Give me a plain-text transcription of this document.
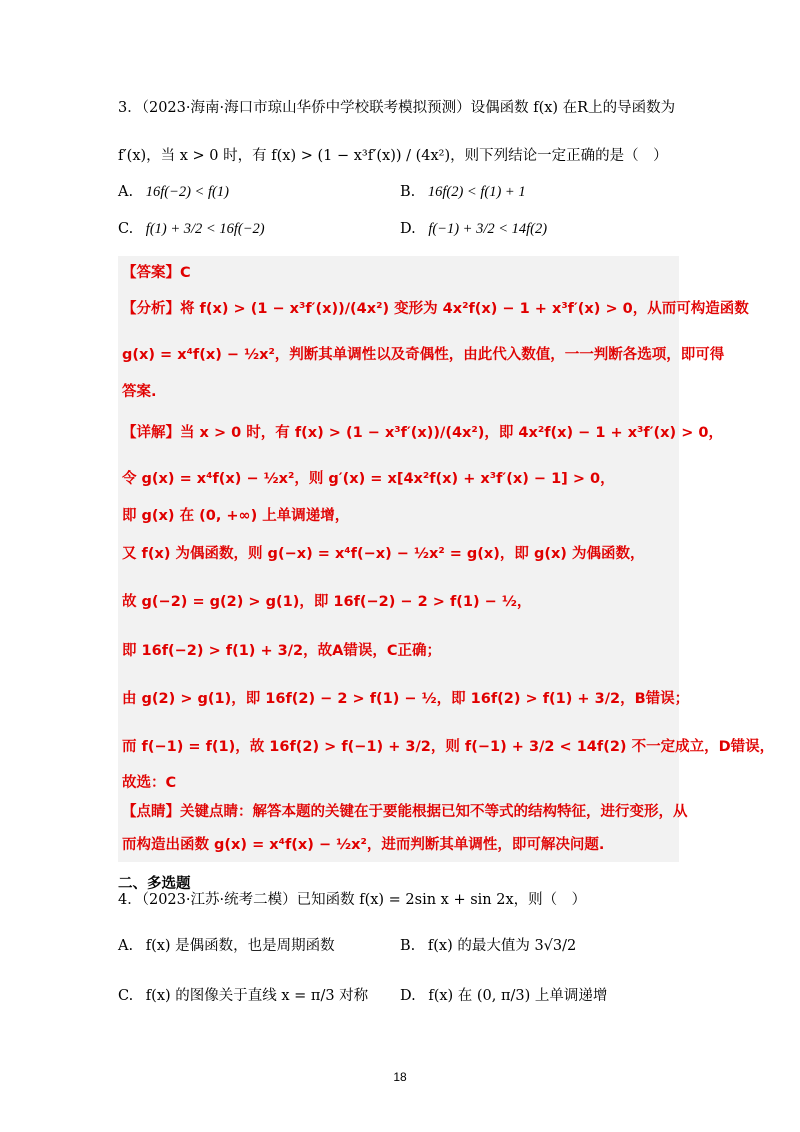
3．（2023·海南·海口市琼山华侨中学校联考模拟预测）设偶函数 f(x) 在R上的导函数为
f′(x)，当 x > 0 时，有 f(x) > (1 − x³f′(x)) / (4x²)，则下列结论一定正确的是（　）
A. 16f(−2) < f(1)	B. 16f(2) < f(1) + 1
C. f(1) + 3/2 < 16f(−2)	D. f(−1) + 3/2 < 14f(2)
【答案】C
【分析】将 f(x) > (1 − x³f′(x))/(4x²) 变形为 4x²f(x) − 1 + x³f′(x) > 0，从而可构造函数
g(x) = x⁴f(x) − ½x²，判断其单调性以及奇偶性，由此代入数值，一一判断各选项，即可得
答案.
【详解】当 x > 0 时，有 f(x) > (1 − x³f′(x))/(4x²)，即 4x²f(x) − 1 + x³f′(x) > 0，
令 g(x) = x⁴f(x) − ½x²，则 g′(x) = x[4x²f(x) + x³f′(x) − 1] > 0，
即 g(x) 在 (0, +∞) 上单调递增，
又 f(x) 为偶函数，则 g(−x) = x⁴f(−x) − ½x² = g(x)，即 g(x) 为偶函数，
故 g(−2) = g(2) > g(1)，即 16f(−2) − 2 > f(1) − ½，
即 16f(−2) > f(1) + 3/2，故A错误，C正确；
由 g(2) > g(1)，即 16f(2) − 2 > f(1) − ½，即 16f(2) > f(1) + 3/2，B错误；
而 f(−1) = f(1)，故 16f(2) > f(−1) + 3/2，则 f(−1) + 3/2 < 14f(2) 不一定成立，D错误，
故选：C
【点睛】关键点睛：解答本题的关键在于要能根据已知不等式的结构特征，进行变形，从
而构造出函数 g(x) = x⁴f(x) − ½x²，进而判断其单调性，即可解决问题.
二、多选题
4．（2023·江苏·统考二模）已知函数 f(x) = 2sin x + sin 2x，则（　）
A. f(x) 是偶函数，也是周期函数	B. f(x) 的最大值为 3√3/2
C. f(x) 的图像关于直线 x = π/3 对称 D. f(x) 在 (0, π/3) 上单调递增
18
